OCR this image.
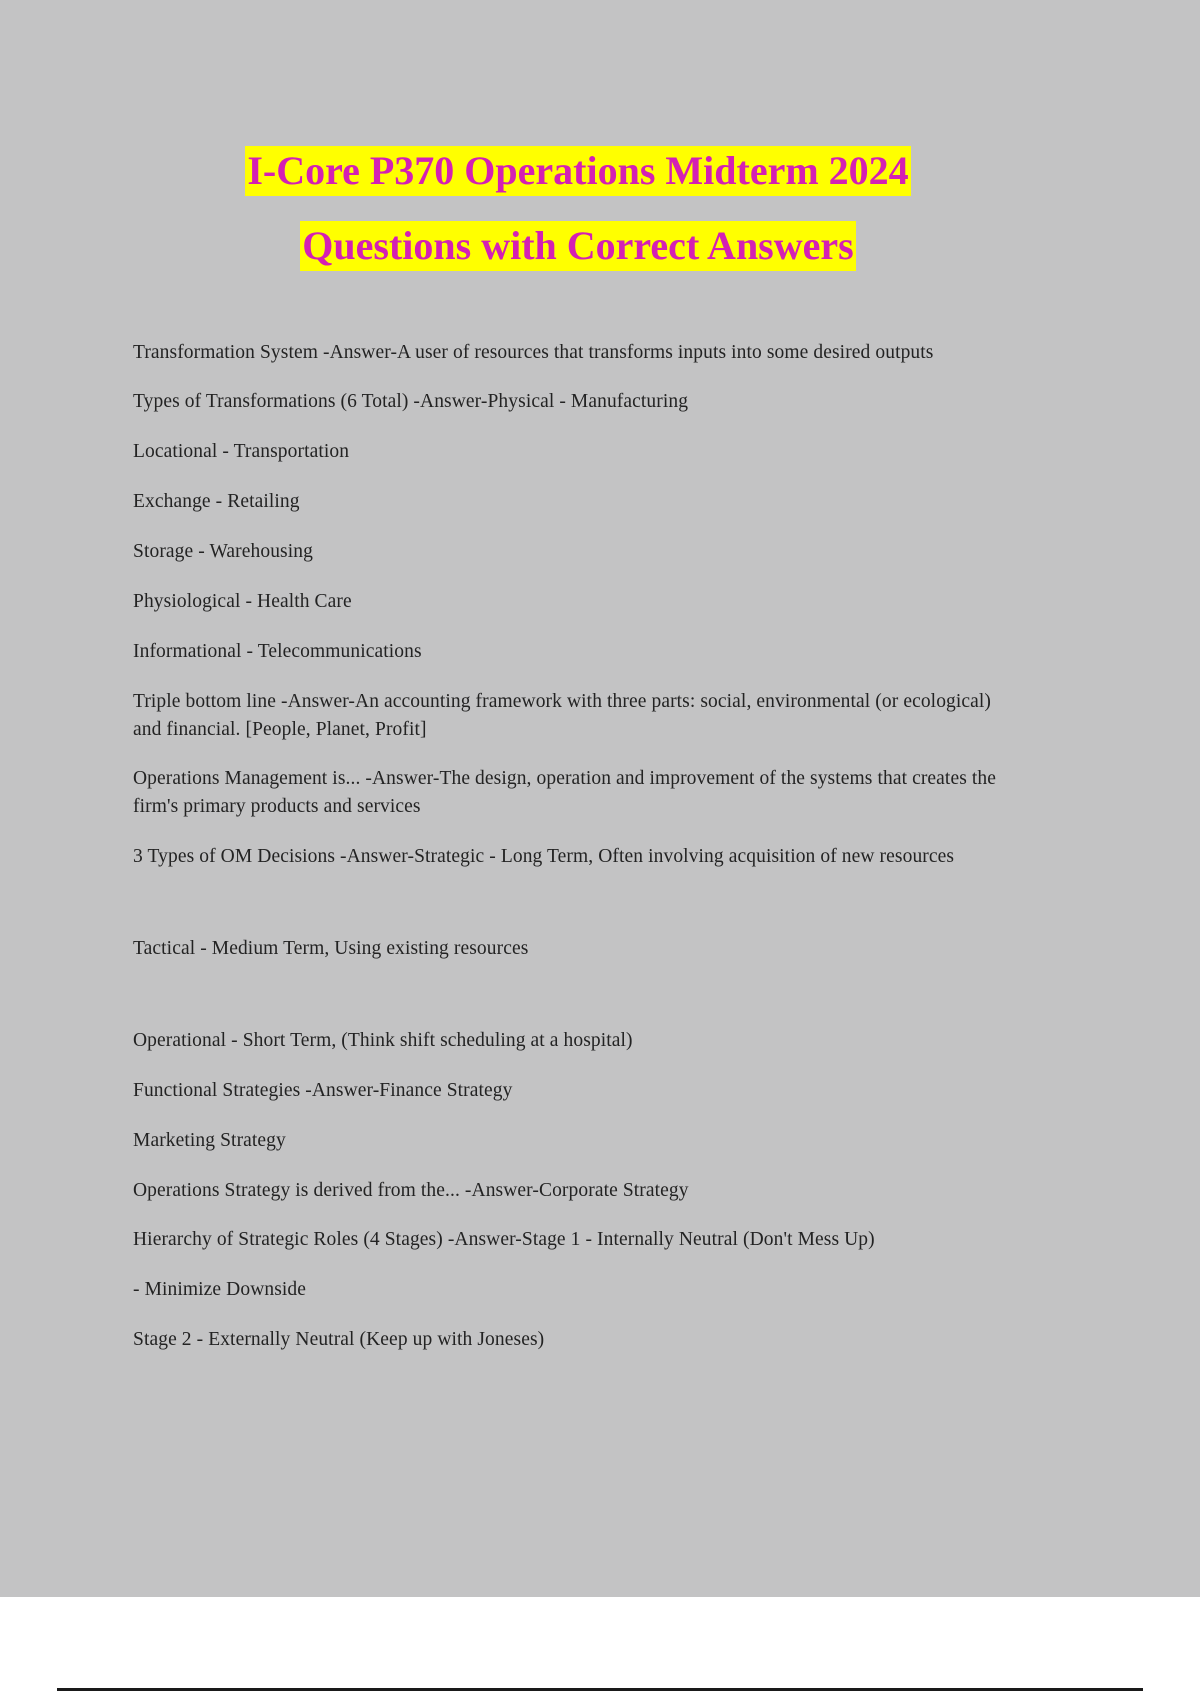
I-Core P370 Operations Midterm 2024
Questions with Correct Answers

Transformation System -Answer-A user of resources that transforms inputs into some desired outputs

Types of Transformations (6 Total) -Answer-Physical - Manufacturing

Locational - Transportation

Exchange - Retailing

Storage - Warehousing

Physiological - Health Care

Informational - Telecommunications

Triple bottom line -Answer-An accounting framework with three parts: social, environmental (or ecological) and financial. [People, Planet, Profit]

Operations Management is... -Answer-The design, operation and improvement of the systems that creates the firm's primary products and services

3 Types of OM Decisions -Answer-Strategic - Long Term, Often involving acquisition of new resources

Tactical - Medium Term, Using existing resources

Operational - Short Term, (Think shift scheduling at a hospital)

Functional Strategies -Answer-Finance Strategy

Marketing Strategy

Operations Strategy is derived from the... -Answer-Corporate Strategy

Hierarchy of Strategic Roles (4 Stages) -Answer-Stage 1 - Internally Neutral (Don't Mess Up)

- Minimize Downside

Stage 2 - Externally Neutral (Keep up with Joneses)
